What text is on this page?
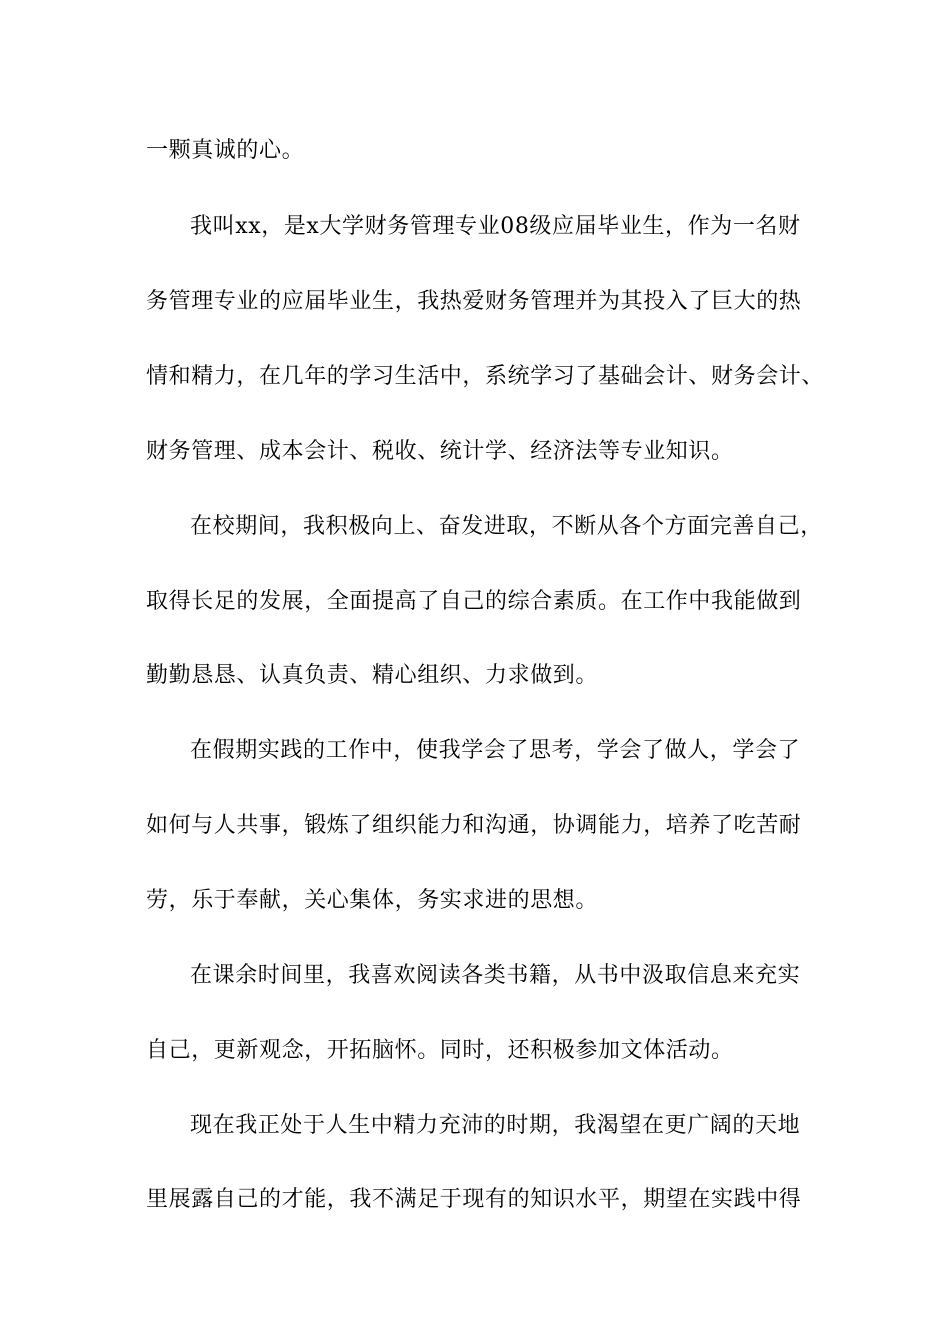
一颗真诚的心。
我叫xx，是x大学财务管理专业08级应届毕业生，作为一名财
务管理专业的应届毕业生，我热爱财务管理并为其投入了巨大的热
情和精力，在几年的学习生活中，系统学习了基础会计、财务会计、
财务管理、成本会计、税收、统计学、经济法等专业知识。
在校期间，我积极向上、奋发进取，不断从各个方面完善自己，
取得长足的发展，全面提高了自己的综合素质。在工作中我能做到
勤勤恳恳、认真负责、精心组织、力求做到。
在假期实践的工作中，使我学会了思考，学会了做人，学会了
如何与人共事，锻炼了组织能力和沟通，协调能力，培养了吃苦耐
劳，乐于奉献，关心集体，务实求进的思想。
在课余时间里，我喜欢阅读各类书籍，从书中汲取信息来充实
自己，更新观念，开拓脑怀。同时，还积极参加文体活动。
现在我正处于人生中精力充沛的时期，我渴望在更广阔的天地
里展露自己的才能，我不满足于现有的知识水平，期望在实践中得
